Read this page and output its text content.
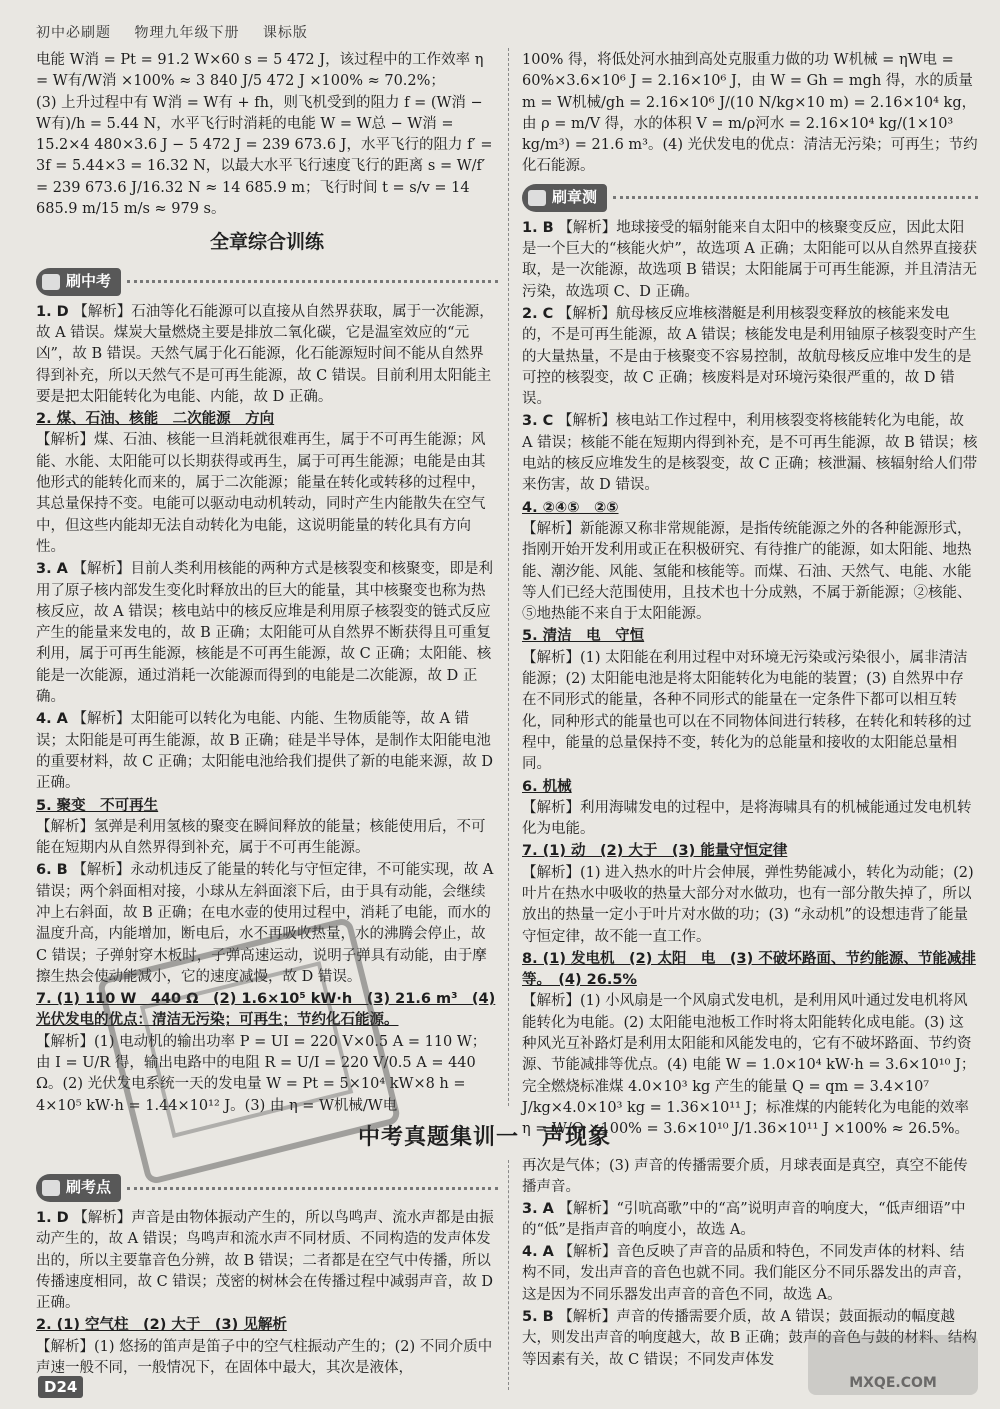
初中必刷题 物理九年级下册 课标版

电能 W消 = Pt = 91.2 W×60 s = 5 472 J，该过程中的工作效率 η = W有/W消 ×100% ≈ 3 840 J/5 472 J ×100% ≈ 70.2%；

(3) 上升过程中有 W消 = W有 + fh，则飞机受到的阻力 f = (W消 − W有)/h = 5.44 N，水平飞行时消耗的电能 W = W总 − W消 = 15.2×4 480×3.6 J − 5 472 J = 239 673.6 J，水平飞行的阻力 f′ = 3f = 5.44×3 = 16.32 N，以最大水平飞行速度飞行的距离 s = W/f′ = 239 673.6 J/16.32 N ≈ 14 685.9 m；飞行时间 t = s/v = 14 685.9 m/15 m/s ≈ 979 s。

全章综合训练
刷中考
1. D 【解析】石油等化石能源可以直接从自然界获取，属于一次能源，故 A 错误。煤炭大量燃烧主要是排放二氧化碳，它是温室效应的“元凶”，故 B 错误。天然气属于化石能源，化石能源短时间不能从自然界得到补充，所以天然气不是可再生能源，故 C 错误。目前利用太阳能主要是把太阳能转化为电能、内能，故 D 正确。
2. 煤、石油、核能　二次能源　方向
【解析】煤、石油、核能一旦消耗就很难再生，属于不可再生能源；风能、水能、太阳能可以长期获得或再生，属于可再生能源；电能是由其他形式的能转化而来的，属于二次能源；能量在转化或转移的过程中，其总量保持不变。电能可以驱动电动机转动，同时产生内能散失在空气中，但这些内能却无法自动转化为电能，这说明能量的转化具有方向性。
3. A 【解析】目前人类利用核能的两种方式是核裂变和核聚变，即是利用了原子核内部发生变化时释放出的巨大的能量，其中核聚变也称为热核反应，故 A 错误；核电站中的核反应堆是利用原子核裂变的链式反应产生的能量来发电的，故 B 正确；太阳能可从自然界不断获得且可重复利用，属于可再生能源，核能是不可再生能源，故 C 正确；太阳能、核能是一次能源，通过消耗一次能源而得到的电能是二次能源，故 D 正确。
4. A 【解析】太阳能可以转化为电能、内能、生物质能等，故 A 错误；太阳能是可再生能源，故 B 正确；硅是半导体，是制作太阳能电池的重要材料，故 C 正确；太阳能电池给我们提供了新的电能来源，故 D 正确。
5. 聚变　不可再生
【解析】氢弹是利用氢核的聚变在瞬间释放的能量；核能使用后，不可能在短期内从自然界得到补充，属于不可再生能源。
6. B 【解析】永动机违反了能量的转化与守恒定律，不可能实现，故 A 错误；两个斜面相对接，小球从左斜面滚下后，由于具有动能，会继续冲上右斜面，故 B 正确；在电水壶的使用过程中，消耗了电能，而水的温度升高，内能增加，断电后，水不再吸收热量，水的沸腾会停止，故 C 错误；子弹射穿木板时，子弹高速运动，说明子弹具有动能，由于摩擦生热会使动能减小，它的速度减慢，故 D 错误。
7. (1) 110 W　440 Ω　(2) 1.6×10⁵ kW·h　(3) 21.6 m³　(4) 光伏发电的优点：清洁无污染；可再生；节约化石能源。
【解析】(1) 电动机的输出功率 P = UI = 220 V×0.5 A = 110 W；由 I = U/R 得，输出电路中的电阻 R = U/I = 220 V/0.5 A = 440 Ω。(2) 光伏发电系统一天的发电量 W = Pt = 5×10⁴ kW×8 h = 4×10⁵ kW·h = 1.44×10¹² J。(3) 由 η = W机械/W电

100% 得，将低处河水抽到高处克服重力做的功 W机械 = ηW电 = 60%×3.6×10⁶ J = 2.16×10⁶ J，由 W = Gh = mgh 得，水的质量 m = W机械/gh = 2.16×10⁶ J/(10 N/kg×10 m) = 2.16×10⁴ kg，由 ρ = m/V 得，水的体积 V = m/ρ河水 = 2.16×10⁴ kg/(1×10³ kg/m³) = 21.6 m³。(4) 光伏发电的优点：清洁无污染；可再生；节约化石能源。

刷章测
1. B 【解析】地球接受的辐射能来自太阳中的核聚变反应，因此太阳是一个巨大的“核能火炉”，故选项 A 正确；太阳能可以从自然界直接获取，是一次能源，故选项 B 错误；太阳能属于可再生能源，并且清洁无污染，故选项 C、D 正确。
2. C 【解析】航母核反应堆核潜艇是利用核裂变释放的核能来发电的，不是可再生能源，故 A 错误；核能发电是利用铀原子核裂变时产生的大量热量，不是由于核聚变不容易控制，故航母核反应堆中发生的是可控的核裂变，故 C 正确；核废料是对环境污染很严重的，故 D 错误。
3. C 【解析】核电站工作过程中，利用核裂变将核能转化为电能，故 A 错误；核能不能在短期内得到补充，是不可再生能源，故 B 错误；核电站的核反应堆发生的是核裂变，故 C 正确；核泄漏、核辐射给人们带来伤害，故 D 错误。
4. ②④⑤　②⑤
【解析】新能源又称非常规能源，是指传统能源之外的各种能源形式，指刚开始开发利用或正在积极研究、有待推广的能源，如太阳能、地热能、潮汐能、风能、氢能和核能等。而煤、石油、天然气、电能、水能等人们已经大范围使用，且技术也十分成熟，不属于新能源；②核能、⑤地热能不来自于太阳能源。
5. 清洁　电　守恒
【解析】(1) 太阳能在利用过程中对环境无污染或污染很小，属非清洁能源；(2) 太阳能电池是将太阳能转化为电能的装置；(3) 自然界中存在不同形式的能量，各种不同形式的能量在一定条件下都可以相互转化，同种形式的能量也可以在不同物体间进行转移，在转化和转移的过程中，能量的总量保持不变，转化为的总能量和接收的太阳能总量相同。
6. 机械
【解析】利用海啸发电的过程中，是将海啸具有的机械能通过发电机转化为电能。
7. (1) 动　(2) 大于　(3) 能量守恒定律
【解析】(1) 进入热水的叶片会伸展，弹性势能减小，转化为动能；(2) 叶片在热水中吸收的热量大部分对水做功，也有一部分散失掉了，所以放出的热量一定小于叶片对水做的功；(3) “永动机”的设想违背了能量守恒定律，故不能一直工作。
8. (1) 发电机　(2) 太阳　电　(3) 不破坏路面、节约能源、节能减排等。　(4) 26.5%
【解析】(1) 小风扇是一个风扇式发电机，是利用风叶通过发电机将风能转化为电能。(2) 太阳能电池板工作时将太阳能转化成电能。(3) 这种风光互补路灯是利用太阳能和风能发电的，它有不破坏路面、节约资源、节能减排等优点。(4) 电能 W = 1.0×10⁴ kW·h = 3.6×10¹⁰ J；完全燃烧标准煤 4.0×10³ kg 产生的能量 Q = qm = 3.4×10⁷ J/kg×4.0×10³ kg = 1.36×10¹¹ J；标准煤的内能转化为电能的效率 η = W/Q ×100% = 3.6×10¹⁰ J/1.36×10¹¹ J ×100% ≈ 26.5%。
中考真题集训一　声现象
刷考点
1. D 【解析】声音是由物体振动产生的，所以鸟鸣声、流水声都是由振动产生的，故 A 错误；鸟鸣声和流水声不同材质、不同构造的发声体发出的，所以主要靠音色分辨，故 B 错误；二者都是在空气中传播，所以传播速度相同，故 C 错误；茂密的树林会在传播过程中减弱声音，故 D 正确。
2. (1) 空气柱　(2) 大于　(3) 见解析
【解析】(1) 悠扬的笛声是笛子中的空气柱振动产生的；(2) 不同介质中声速一般不同，一般情况下，在固体中最大，其次是液体，

再次是气体；(3) 声音的传播需要介质，月球表面是真空，真空不能传播声音。

3. A 【解析】“引吭高歌”中的“高”说明声音的响度大，“低声细语”中的“低”是指声音的响度小，故选 A。
4. A 【解析】音色反映了声音的品质和特色，不同发声体的材料、结构不同，发出声音的音色也就不同。我们能区分不同乐器发出的声音，这是因为不同乐器发出声音的音色不同，故选 A。
5. B 【解析】声音的传播需要介质，故 A 错误；鼓面振动的幅度越大，则发出声音的响度越大，故 B 正确；鼓声的音色与鼓的材料、结构等因素有关，故 C 错误；不同发声体发
D24	MXQE.COM
